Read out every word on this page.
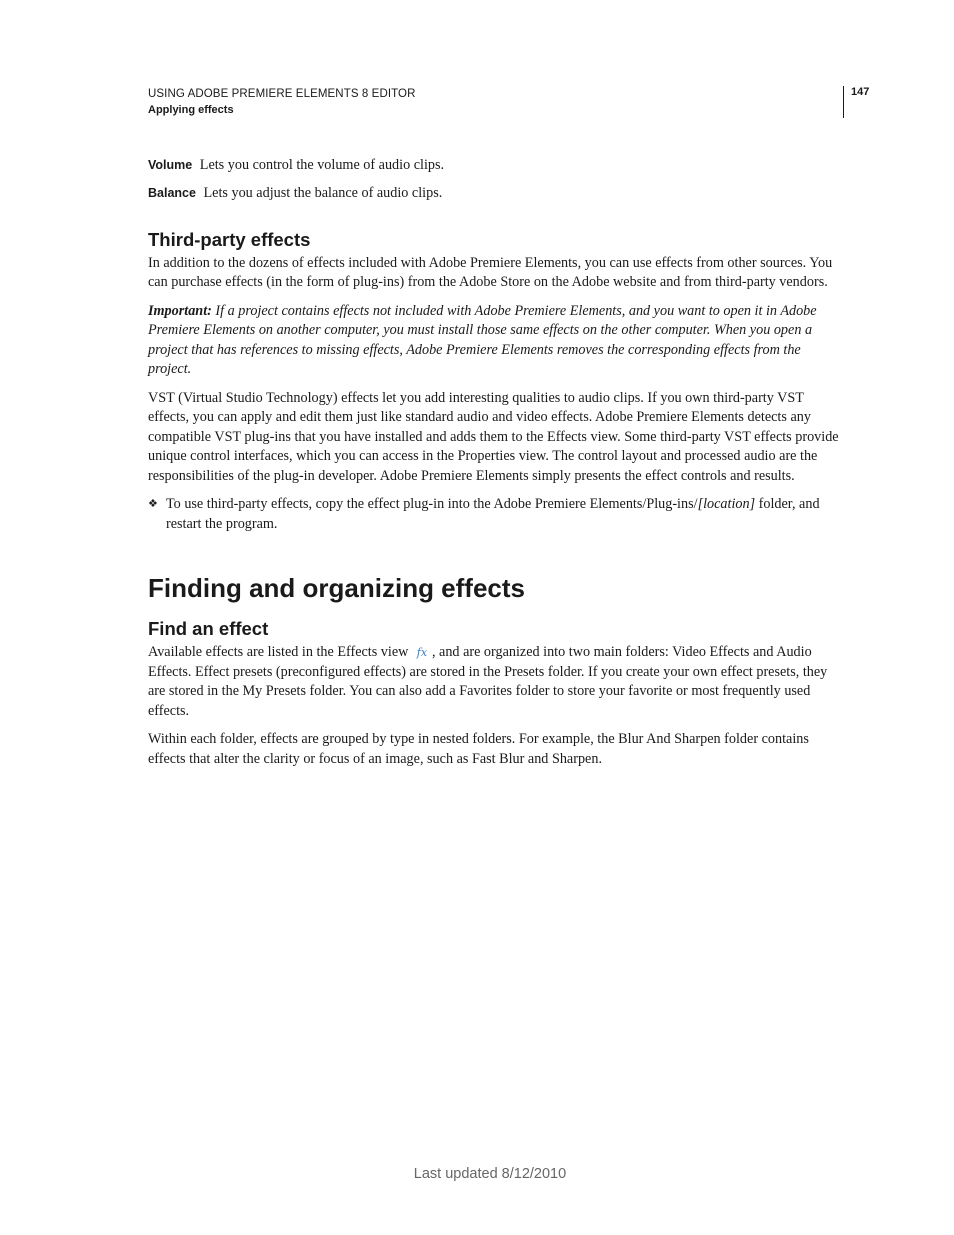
USING ADOBE PREMIERE ELEMENTS 8 EDITOR
Applying effects
147

Volume Lets you control the volume of audio clips.

Balance Lets you adjust the balance of audio clips.

Third-party effects

In addition to the dozens of effects included with Adobe Premiere Elements, you can use effects from other sources. You can purchase effects (in the form of plug-ins) from the Adobe Store on the Adobe website and from third-party vendors.

Important: If a project contains effects not included with Adobe Premiere Elements, and you want to open it in Adobe Premiere Elements on another computer, you must install those same effects on the other computer. When you open a project that has references to missing effects, Adobe Premiere Elements removes the corresponding effects from the project.

VST (Virtual Studio Technology) effects let you add interesting qualities to audio clips. If you own third-party VST effects, you can apply and edit them just like standard audio and video effects. Adobe Premiere Elements detects any compatible VST plug-ins that you have installed and adds them to the Effects view. Some third-party VST effects provide unique control interfaces, which you can access in the Properties view. The control layout and processed audio are the responsibilities of the plug-in developer. Adobe Premiere Elements simply presents the effect controls and results.

❖ To use third-party effects, copy the effect plug-in into the Adobe Premiere Elements/Plug-ins/[location] folder, and restart the program.

Finding and organizing effects
Find an effect

Available effects are listed in the Effects view fx , and are organized into two main folders: Video Effects and Audio Effects. Effect presets (preconfigured effects) are stored in the Presets folder. If you create your own effect presets, they are stored in the My Presets folder. You can also add a Favorites folder to store your favorite or most frequently used effects.

Within each folder, effects are grouped by type in nested folders. For example, the Blur And Sharpen folder contains effects that alter the clarity or focus of an image, such as Fast Blur and Sharpen.

Last updated 8/12/2010
